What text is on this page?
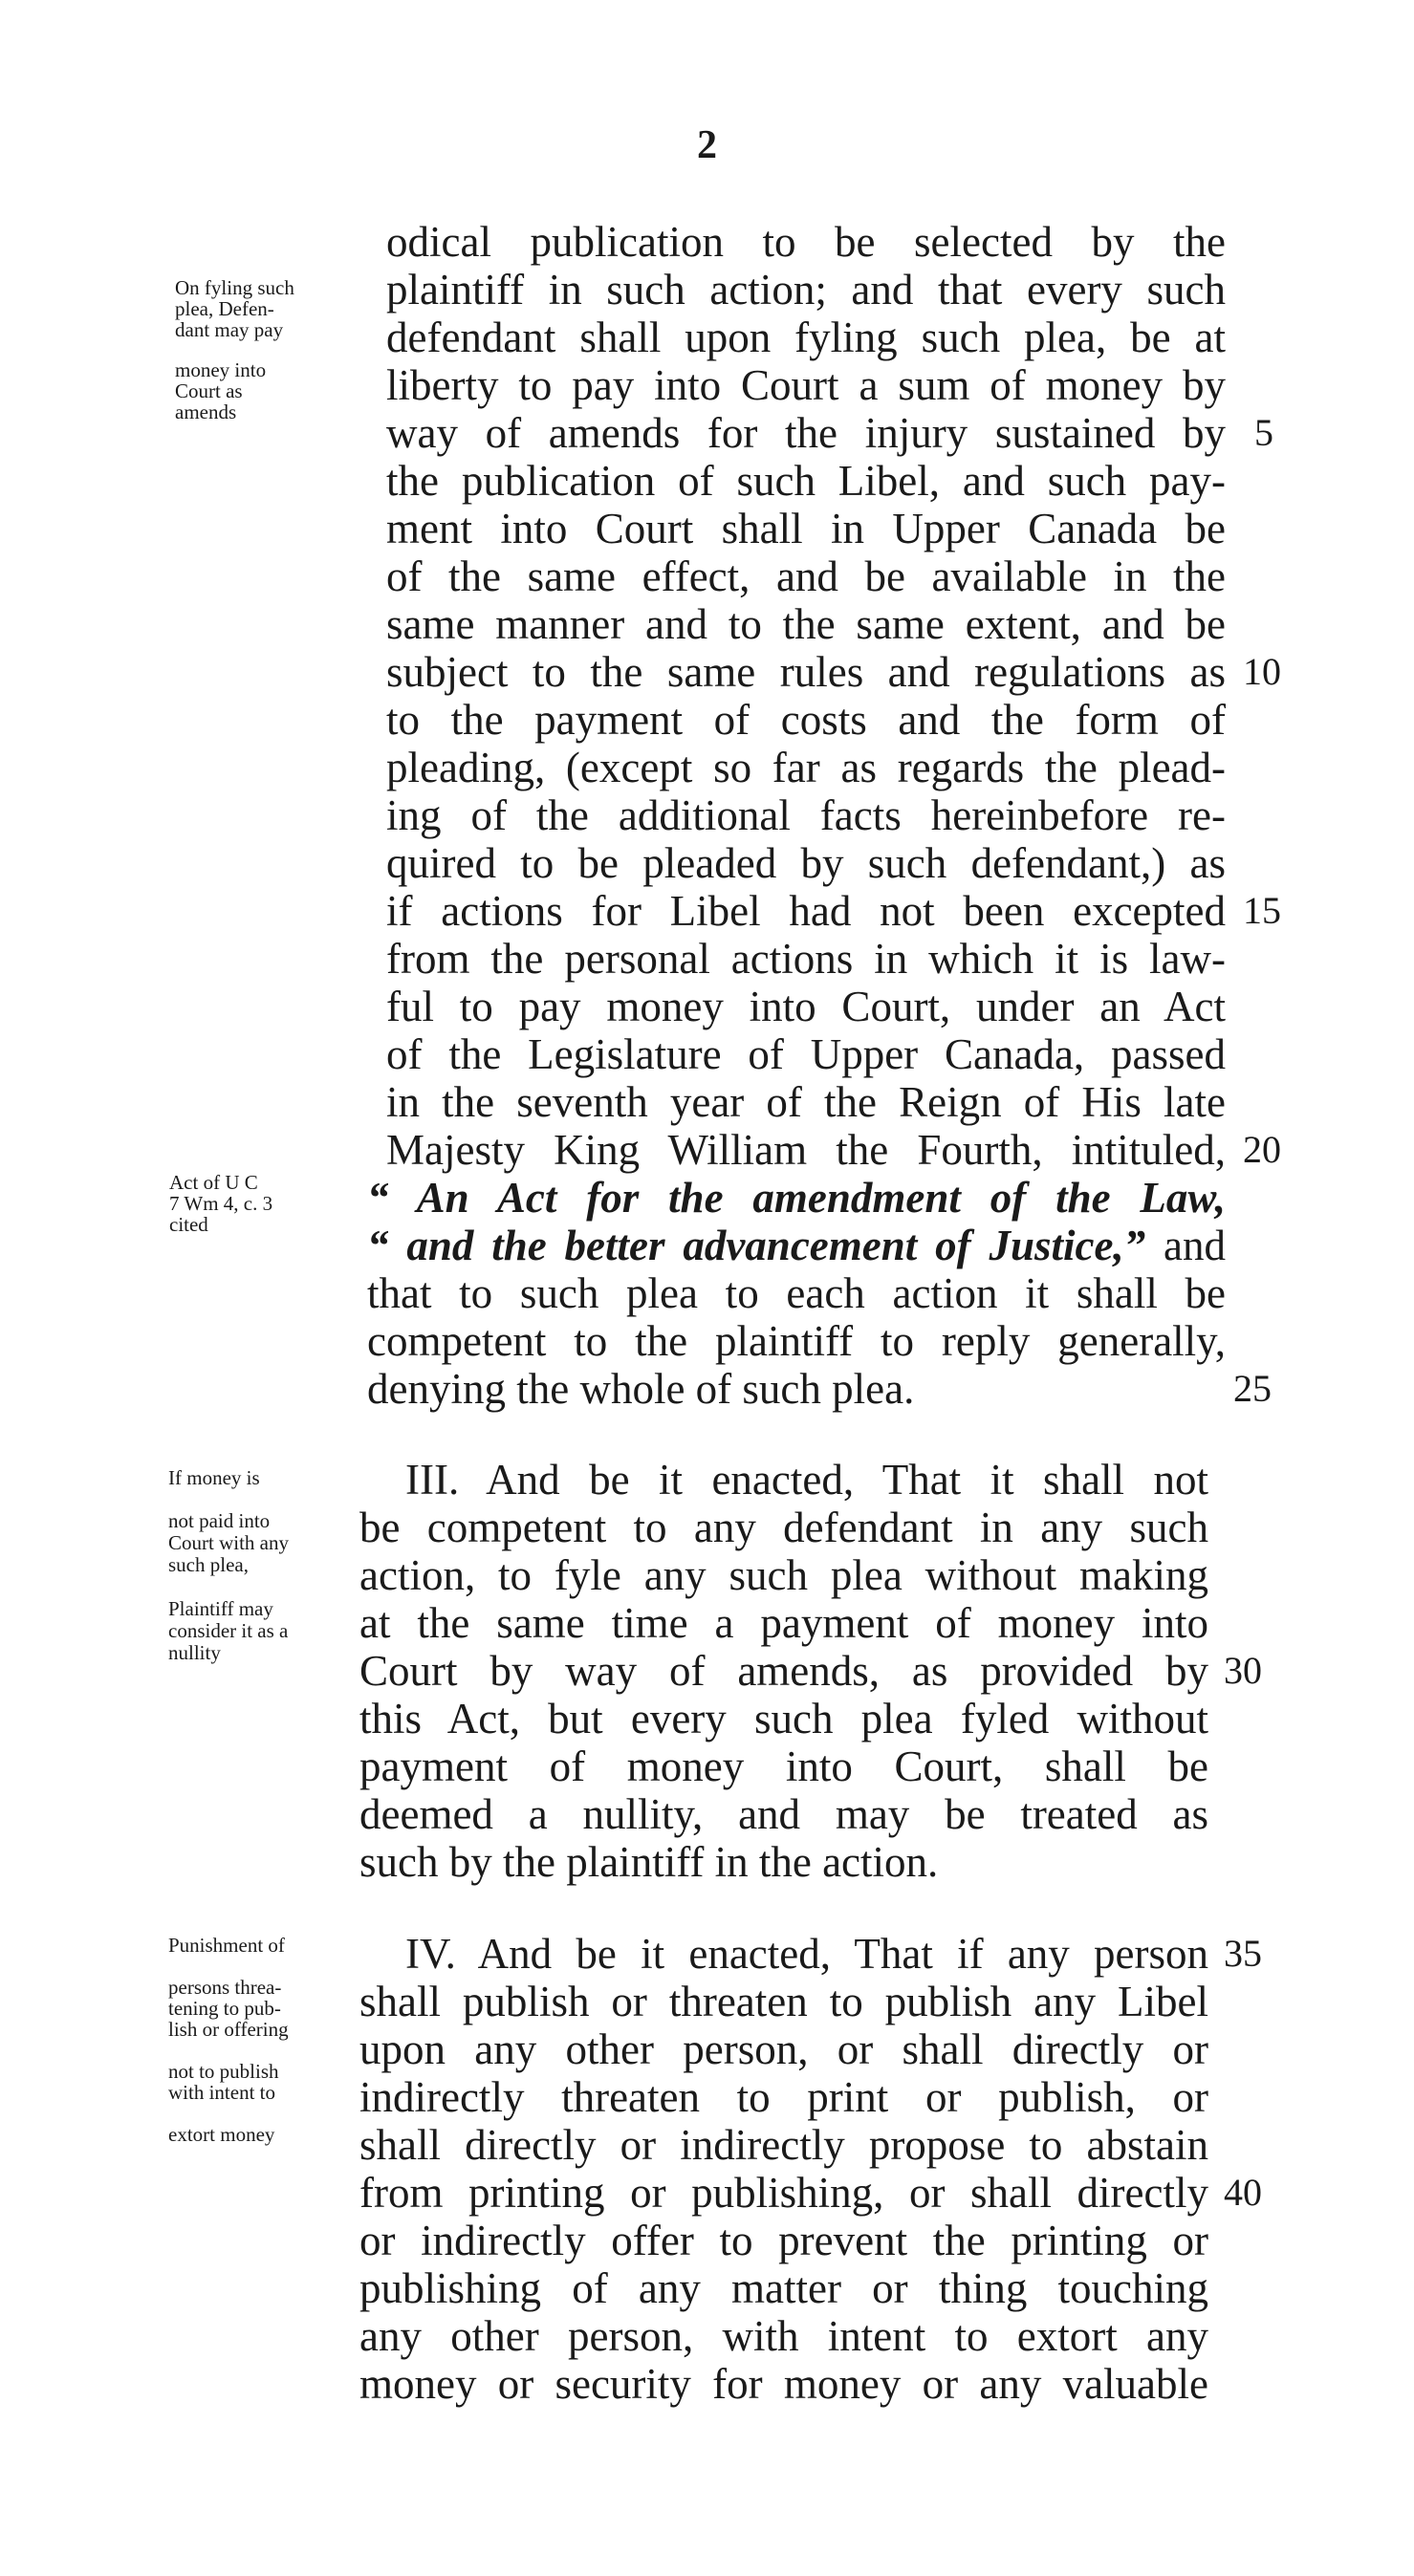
2
On fyling such
plea, Defen-
dant may pay
money into
Court as
amends
Act of U C
7 Wm 4, c. 3
cited
If money is
not paid into
Court with any
such plea,
Plaintiff may
consider it as a
nullity
Punishment of
persons threa-
tening to pub-
lish or offering
not to publish
with intent to
extort money
odical publication to be selected by the
plaintiff in such action; and that every such
defendant shall upon fyling such plea, be at
liberty to pay into Court a sum of money by
way of amends for the injury sustained by
the publication of such Libel, and such pay-
ment into Court shall in Upper Canada be
of the same effect, and be available in the
same manner and to the same extent, and be
subject to the same rules and regulations as
to the payment of costs and the form of
pleading, (except so far as regards the plead-
ing of the additional facts hereinbefore re-
quired to be pleaded by such defendant,) as
if actions for Libel had not been excepted
from the personal actions in which it is law-
ful to pay money into Court, under an Act
of the Legislature of Upper Canada, passed
in the seventh year of the Reign of His late
Majesty King William the Fourth, intituled,
“ An Act for the amendment of the Law,
“ and the better advancement of Justice,” and
that to such plea to each action it shall be
competent to the plaintiff to reply generally,
denying the whole of such plea.
III. And be it enacted, That it shall not
be competent to any defendant in any such
action, to fyle any such plea without making
at the same time a payment of money into
Court by way of amends, as provided by
this Act, but every such plea fyled without
payment of money into Court, shall be
deemed a nullity, and may be treated as
such by the plaintiff in the action.
IV. And be it enacted, That if any person
shall publish or threaten to publish any Libel
upon any other person, or shall directly or
indirectly threaten to print or publish, or
shall directly or indirectly propose to abstain
from printing or publishing, or shall directly
or indirectly offer to prevent the printing or
publishing of any matter or thing touching
any other person, with intent to extort any
money or security for money or any valuable
5
10
15
20
25
30
35
40
